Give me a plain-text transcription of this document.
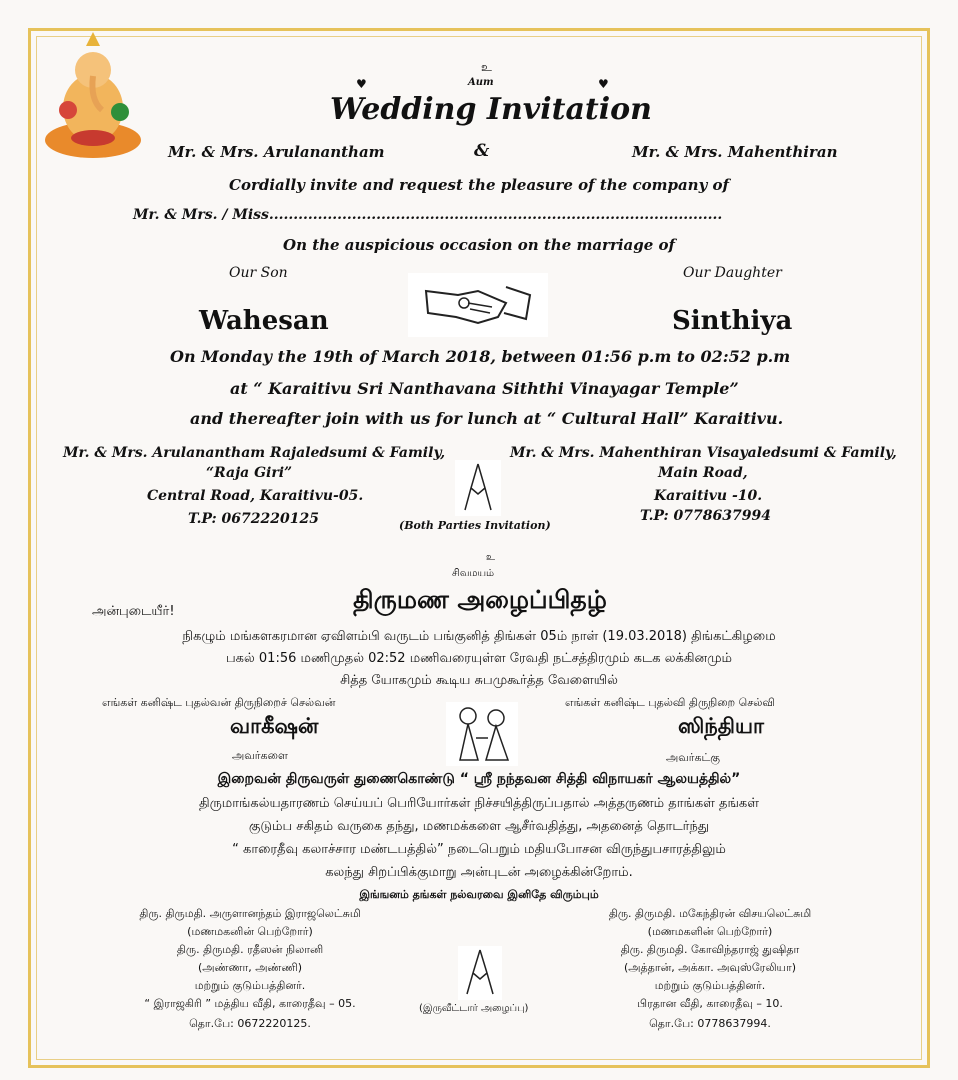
உ
Aum
♥	♥
Wedding Invitation
Mr. & Mrs. Arulanantham	&	Mr. & Mrs. Mahenthiran
Cordially invite and request the pleasure of the company of
Mr. & Mrs. / Miss.............................................................................................
On the auspicious occasion on the marriage of
Our Son	Our Daughter
Wahesan	Sinthiya
On Monday the 19th of March 2018, between 01:56 p.m to 02:52 p.m
at “ Karaitivu Sri Nanthavana Siththi Vinayagar Temple”
and thereafter join with us for lunch at “ Cultural Hall” Karaitivu.
Mr. & Mrs. Arulanantham Rajaledsumi & Family,
“Raja Giri”
Central Road, Karaitivu-05.
T.P: 0672220125
Mr. & Mrs. Mahenthiran Visayaledsumi & Family,
Main Road,
Karaitivu -10.
T.P: 0778637994
(Both Parties Invitation)
உ
சிவமயம்
திருமண அழைப்பிதழ்
அன்புடையீர்!
நிகழும் மங்களகரமான ஏவிளம்பி வருடம் பங்குனித் திங்கள் 05ம் நாள் (19.03.2018) திங்கட்கிழமை
பகல் 01:56 மணிமுதல் 02:52 மணிவரையுள்ள ரேவதி நட்சத்திரமும் கடக லக்கினமும்
சித்த யோகமும் கூடிய சுபமுகூர்த்த வேளையில்
எங்கள் கனிஷ்ட புதல்வன் திருநிறைச் செல்வன்	எங்கள் கனிஷ்ட புதல்வி திருநிறை செல்வி
வாகீஷன்	ஸிந்தியா
அவர்களை	அவர்கட்கு
இறைவன் திருவருள் துணைகொண்டு “ ஸ்ரீ நந்தவன சித்தி விநாயகர் ஆலயத்தில்”
திருமாங்கல்யதாரணம் செய்யப் பெரியோர்கள் நிச்சயித்திருப்பதால் அத்தருணம் தாங்கள் தங்கள்
குடும்ப சகிதம் வருகை தந்து, மணமக்களை ஆசீர்வதித்து, அதனைத் தொடர்ந்து
“ காரைதீவு கலாச்சார மண்டபத்தில்” நடைபெறும் மதியபோசன விருந்துபசாரத்திலும்
கலந்து சிறப்பிக்குமாறு அன்புடன் அழைக்கின்றோம்.
இங்ஙனம் தங்கள் நல்வரவை இனிதே விரும்பும்
திரு. திருமதி. அருளானந்தம் இராஜலெட்சுமி
(மணமகனின் பெற்றோர்)
திரு. திருமதி. ரதீஸன் நிலானி
(அண்ணா, அண்ணி)
மற்றும் குடும்பத்தினர்.
“ இராஜகிரி ” மத்திய வீதி, காரைதீவு – 05.
தொ.பே: 0672220125.
திரு. திருமதி. மகேந்திரன் விசயலெட்சுமி
(மணமகளின் பெற்றோர்)
திரு. திருமதி. கோவிந்தராஜ் துஷிதா
(அத்தான், அக்கா. அவுஸ்ரேலியா)
மற்றும் குடும்பத்தினர்.
பிரதான வீதி, காரைதீவு – 10.
தொ.பே: 0778637994.
(இருவீட்டார் அழைப்பு)
